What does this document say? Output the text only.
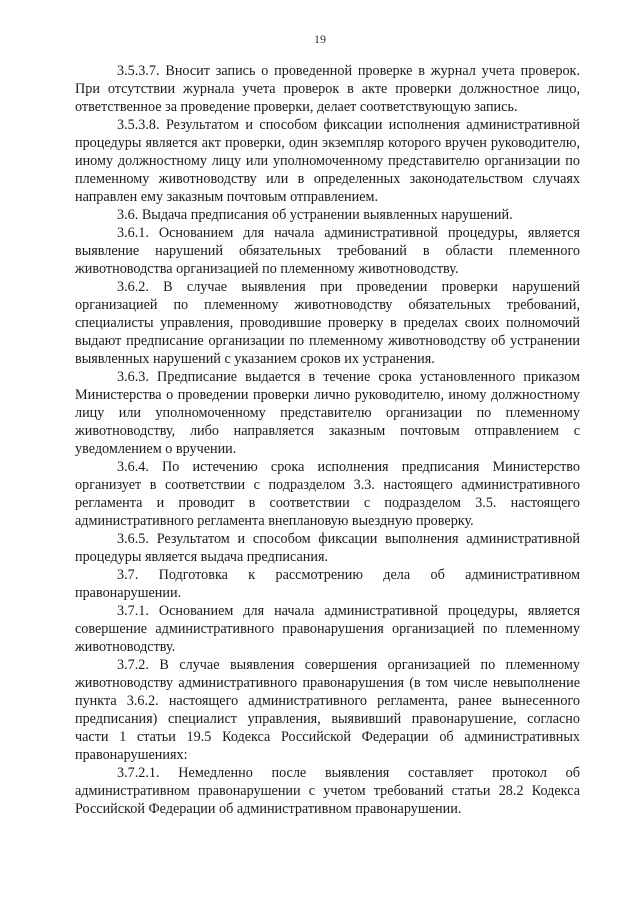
19

3.5.3.7. Вносит запись о проведенной проверке в журнал учета проверок. При отсутствии журнала учета проверок в акте проверки должностное лицо, ответственное за проведение проверки, делает соответствующую запись.

3.5.3.8. Результатом и способом фиксации исполнения административной процедуры является акт проверки, один экземпляр которого вручен руководителю, иному должностному лицу или уполномоченному представителю организации по племенному животноводству или в определенных законодательством случаях направлен ему заказным почтовым отправлением.

3.6. Выдача предписания об устранении выявленных нарушений.

3.6.1. Основанием для начала административной процедуры, является выявление нарушений обязательных требований в области племенного животноводства организацией по племенному животноводству.

3.6.2. В случае выявления при проведении проверки нарушений организацией по племенному животноводству обязательных требований, специалисты управления, проводившие проверку в пределах своих полномочий выдают предписание организации по племенному животноводству об устранении выявленных нарушений с указанием сроков их устранения.

3.6.3. Предписание выдается в течение срока установленного приказом Министерства о проведении проверки лично руководителю, иному должностному лицу или уполномоченному представителю организации по племенному животноводству, либо направляется заказным почтовым отправлением с уведомлением о вручении.

3.6.4. По истечению срока исполнения предписания Министерство организует в соответствии с подразделом 3.3. настоящего административного регламента и проводит в соответствии с подразделом 3.5. настоящего административного регламента внеплановую выездную проверку.

3.6.5. Результатом и способом фиксации выполнения административной процедуры является выдача предписания.

3.7. Подготовка к рассмотрению дела об административном правонарушении.

3.7.1. Основанием для начала административной процедуры, является совершение административного правонарушения организацией по племенному животноводству.

3.7.2. В случае выявления совершения организацией по племенному животноводству административного правонарушения (в том числе невыполнение пункта 3.6.2. настоящего административного регламента, ранее вынесенного предписания) специалист управления, выявивший правонарушение, согласно части 1 статьи 19.5 Кодекса Российской Федерации об административных правонарушениях:

3.7.2.1. Немедленно после выявления составляет протокол об административном правонарушении с учетом требований статьи 28.2 Кодекса Российской Федерации об административном правонарушении.
